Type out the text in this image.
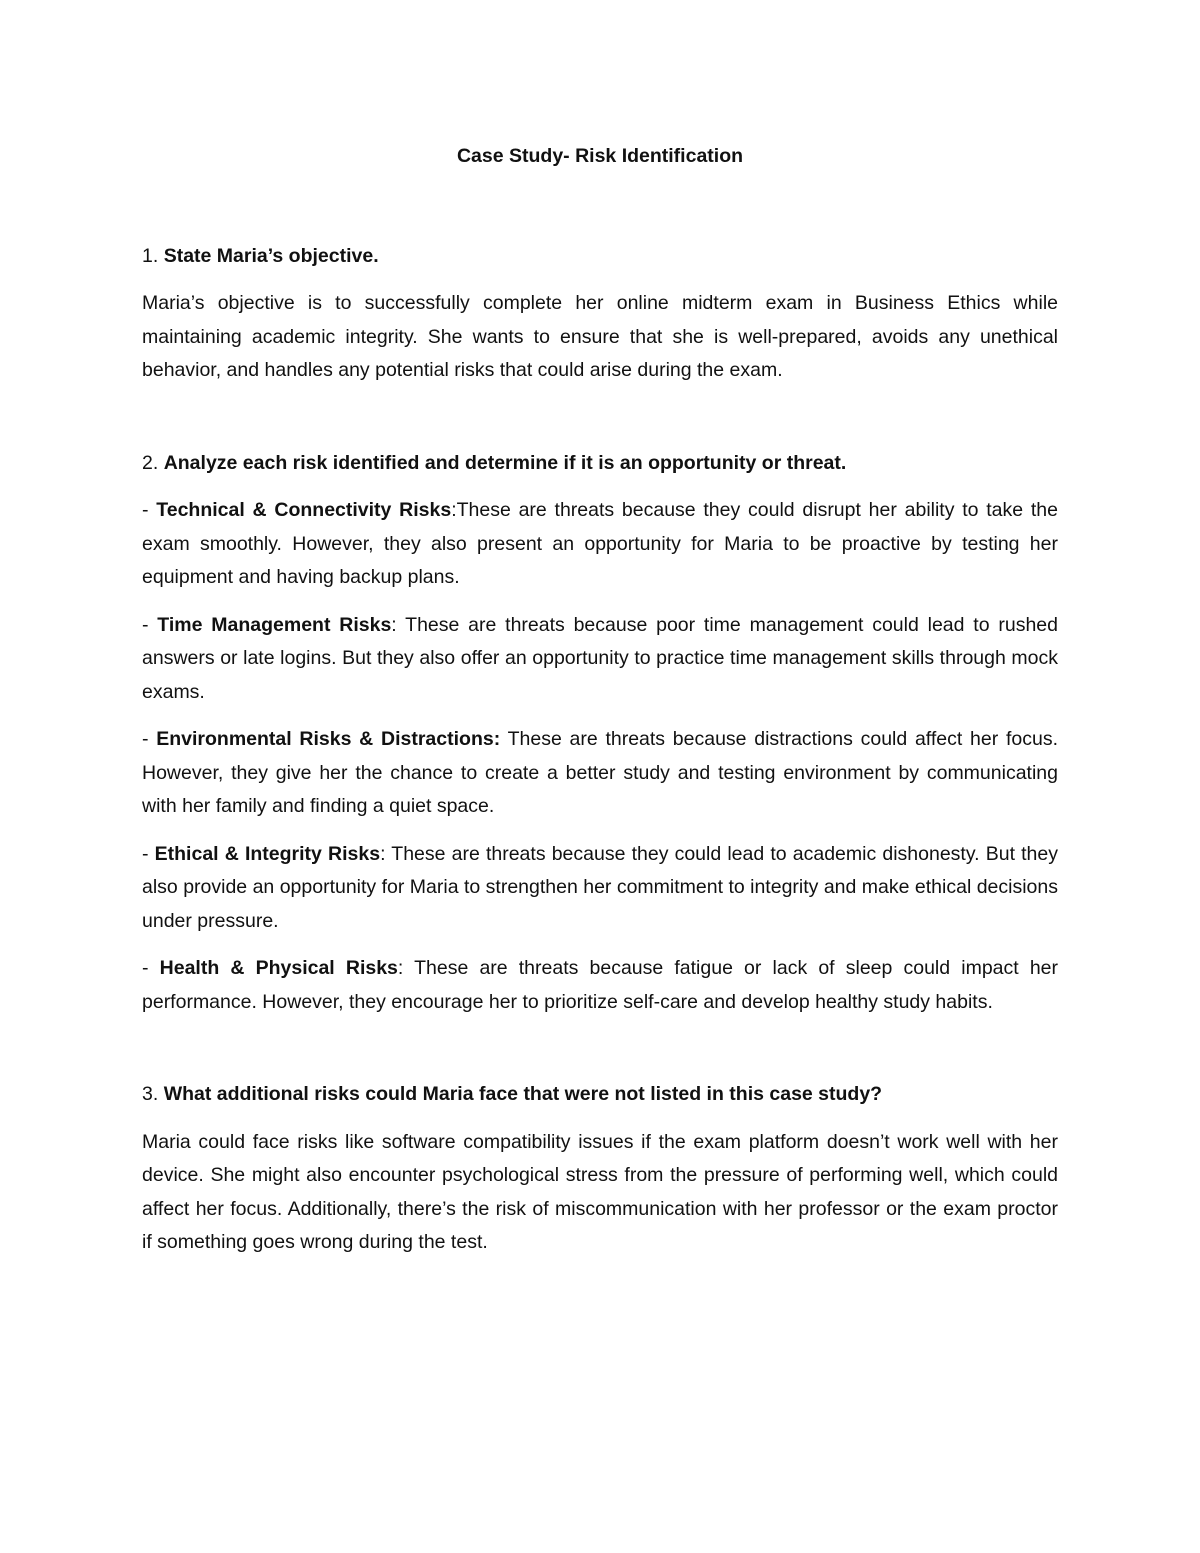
Case Study- Risk Identification

1. State Maria’s objective.

Maria’s objective is to successfully complete her online midterm exam in Business Ethics while maintaining academic integrity. She wants to ensure that she is well-prepared, avoids any unethical behavior, and handles any potential risks that could arise during the exam.

2. Analyze each risk identified and determine if it is an opportunity or threat.

- Technical & Connectivity Risks:These are threats because they could disrupt her ability to take the exam smoothly. However, they also present an opportunity for Maria to be proactive by testing her equipment and having backup plans.

- Time Management Risks: These are threats because poor time management could lead to rushed answers or late logins. But they also offer an opportunity to practice time management skills through mock exams.

- Environmental Risks & Distractions: These are threats because distractions could affect her focus. However, they give her the chance to create a better study and testing environment by communicating with her family and finding a quiet space.

- Ethical & Integrity Risks: These are threats because they could lead to academic dishonesty. But they also provide an opportunity for Maria to strengthen her commitment to integrity and make ethical decisions under pressure.

- Health & Physical Risks: These are threats because fatigue or lack of sleep could impact her performance. However, they encourage her to prioritize self-care and develop healthy study habits.

3. What additional risks could Maria face that were not listed in this case study?

Maria could face risks like software compatibility issues if the exam platform doesn’t work well with her device. She might also encounter psychological stress from the pressure of performing well, which could affect her focus. Additionally, there’s the risk of miscommunication with her professor or the exam proctor if something goes wrong during the test.
